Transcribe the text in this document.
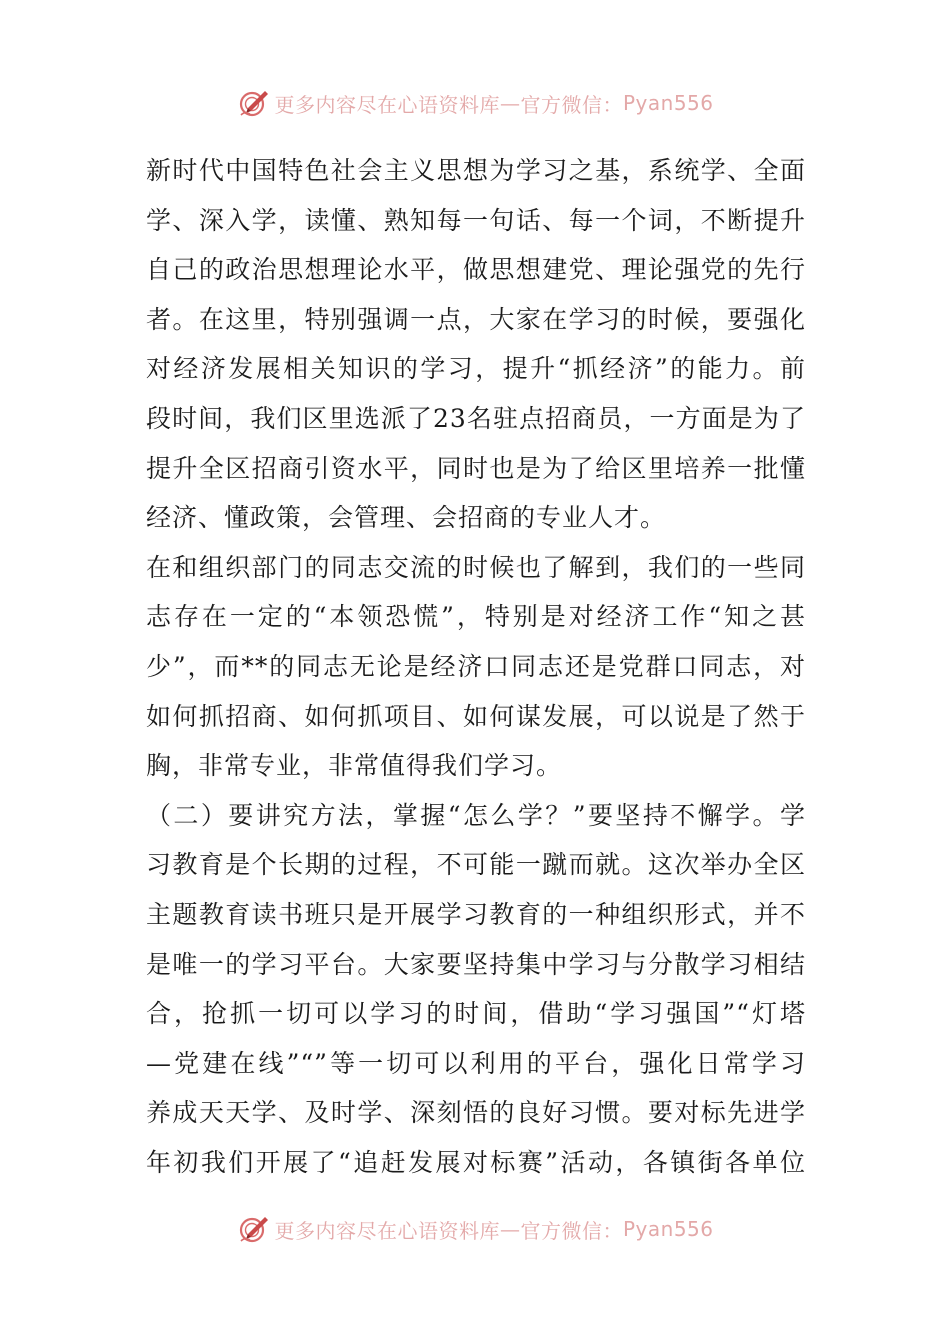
更多内容尽在心语资料库 — 官方微信： Pyan556
新时代中国特色社会主义思想为学习之基，系统学、全面
学、深入学，读懂、熟知每一句话、每一个词，不断提升
自己的政治思想理论水平，做思想建党、理论强党的先行
者。在这里，特别强调一点，大家在学习的时候，要强化
对经济发展相关知识的学习，提升“抓经济”的能力。前
段时间，我们区里选派了23名驻点招商员，一方面是为了
提升全区招商引资水平，同时也是为了给区里培养一批懂
经济、懂政策，会管理、会招商的专业人才。
在和组织部门的同志交流的时候也了解到，我们的一些同
志存在一定的“本领恐慌”，特别是对经济工作“知之甚
少”，而**的同志无论是经济口同志还是党群口同志，对
如何抓招商、如何抓项目、如何谋发展，可以说是了然于
胸，非常专业，非常值得我们学习。
（二）要讲究方法，掌握“怎么学？”要坚持不懈学。学
习教育是个长期的过程，不可能一蹴而就。这次举办全区
主题教育读书班只是开展学习教育的一种组织形式，并不
是唯一的学习平台。大家要坚持集中学习与分散学习相结
合，抢抓一切可以学习的时间，借助“学习强国”“灯塔
—党建在线”“”等一切可以利用的平台，强化日常学习
养成天天学、及时学、深刻悟的良好习惯。要对标先进学
年初我们开展了“追赶发展对标赛”活动，各镇街各单位
更多内容尽在心语资料库 — 官方微信： Pyan556
